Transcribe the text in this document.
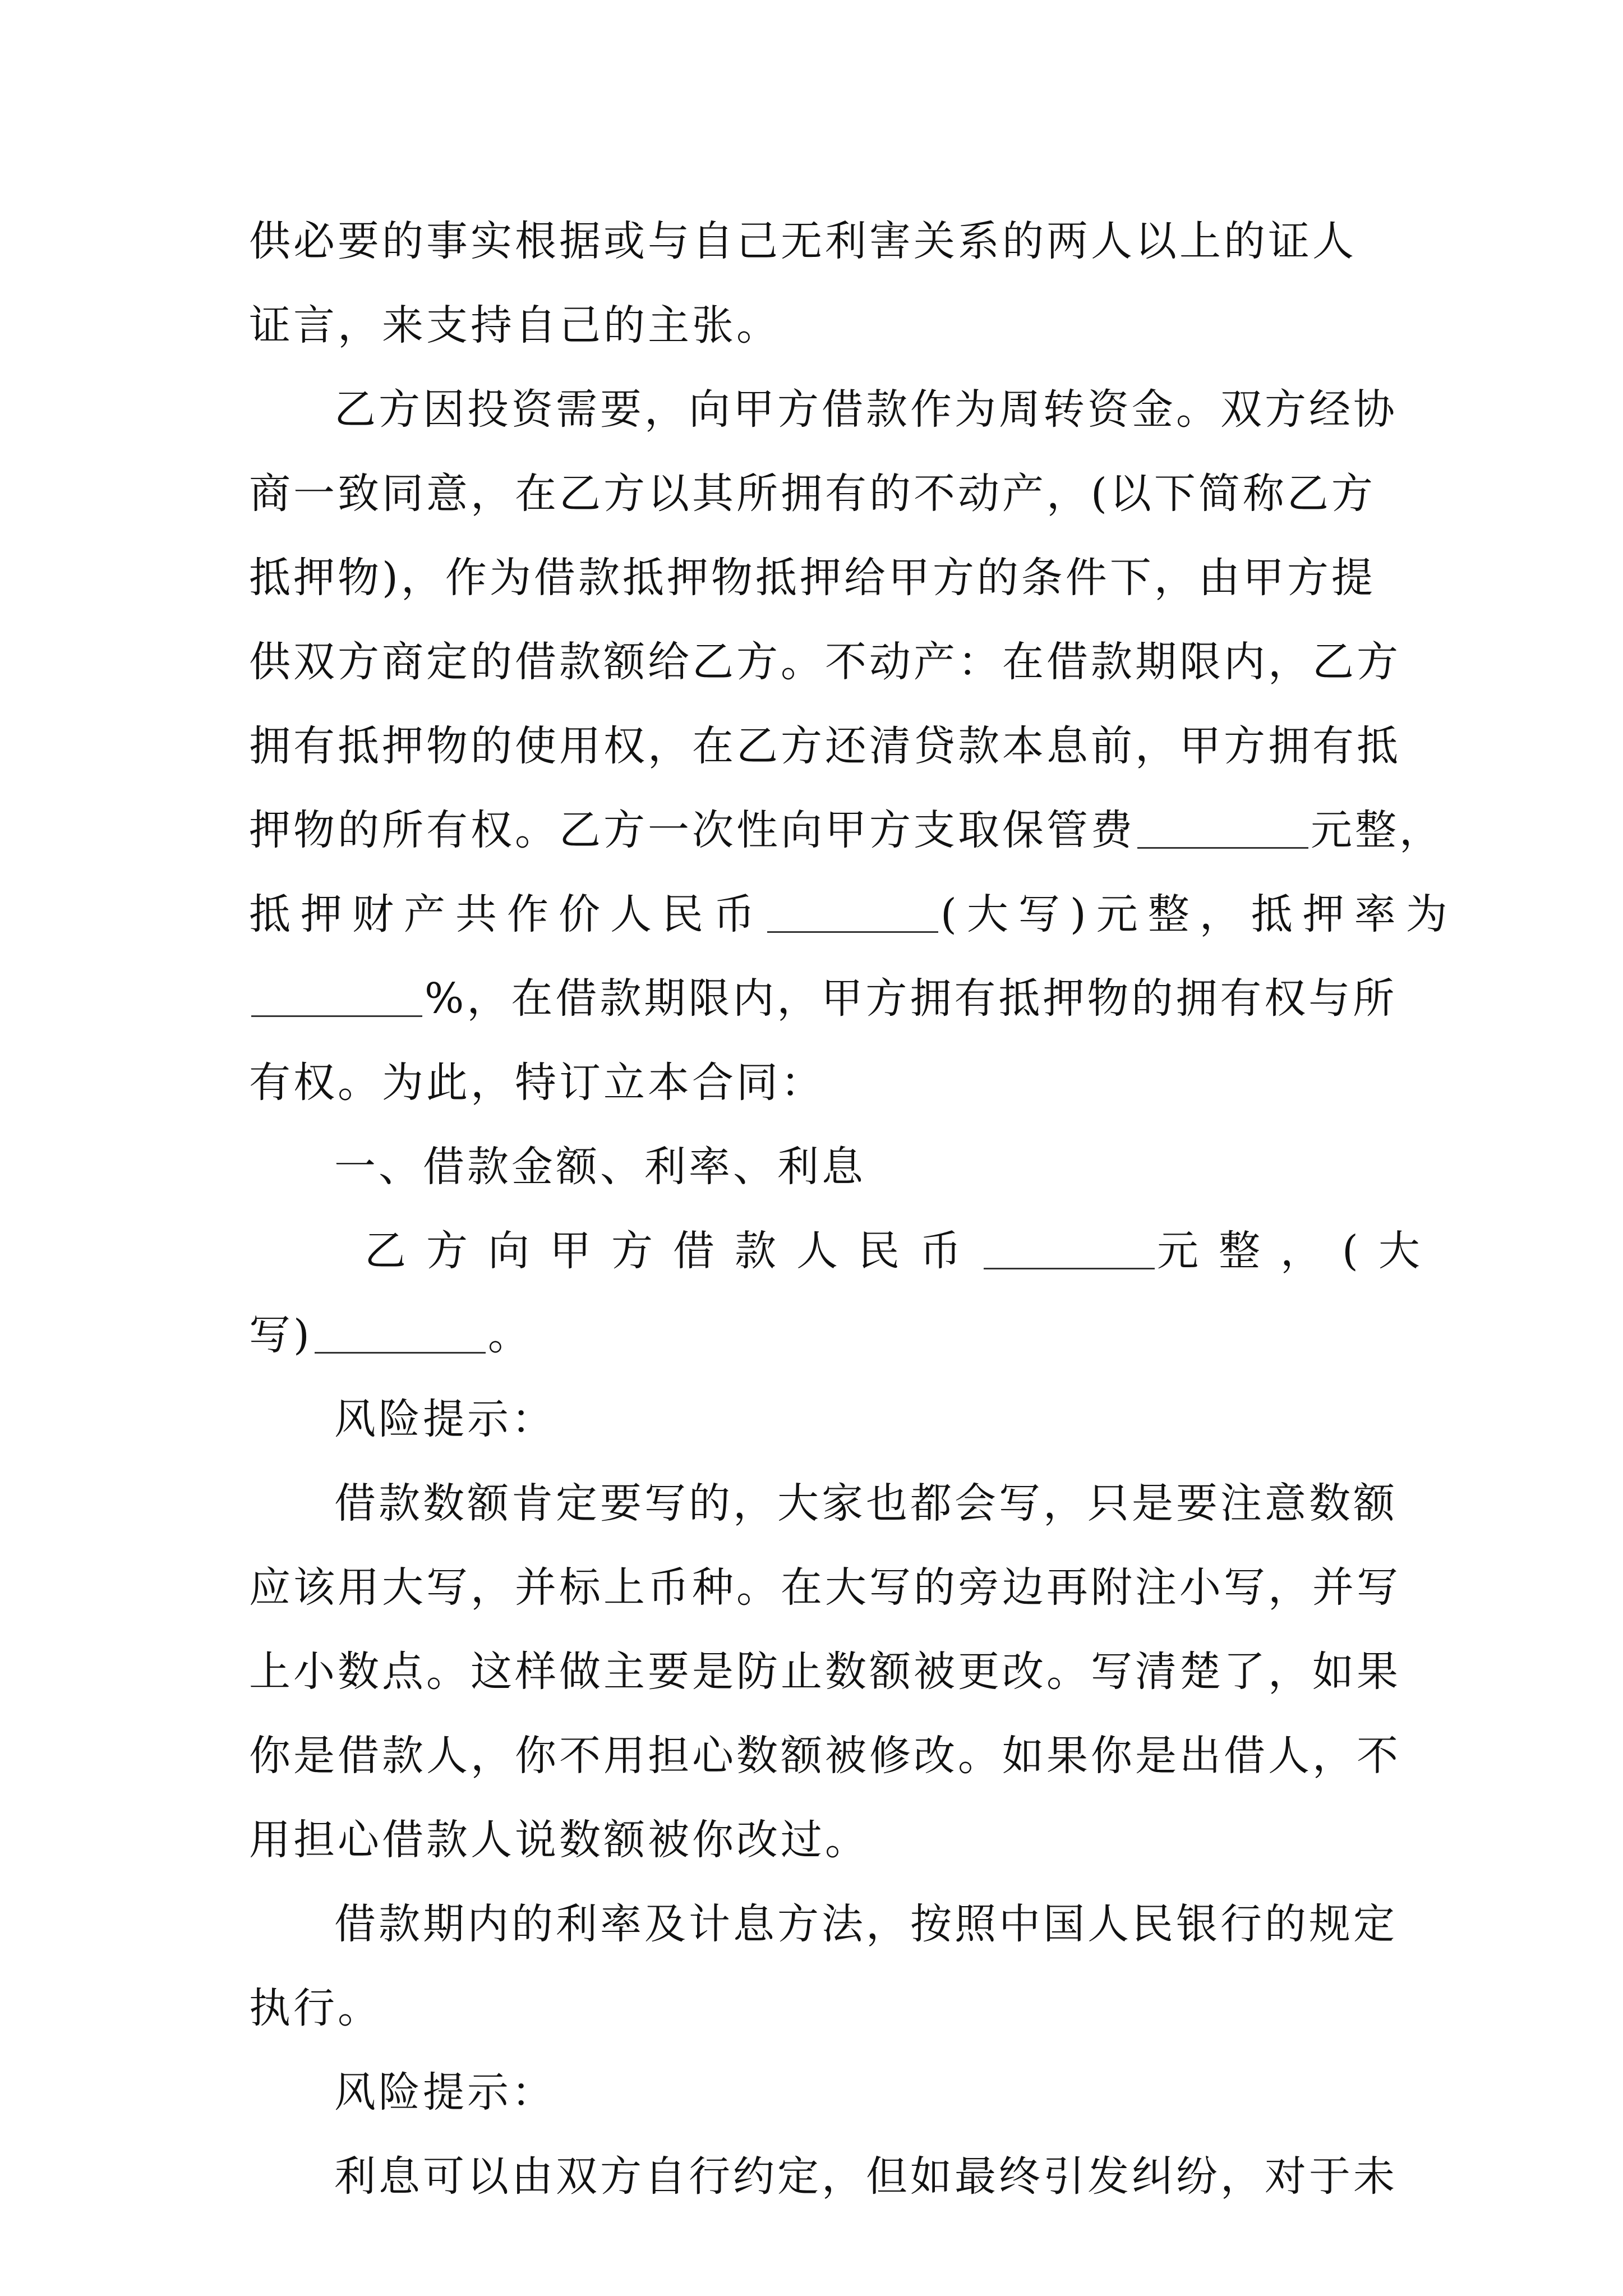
供必要的事实根据或与自己无利害关系的两人以上的证人
证言，来支持自己的主张。
乙方因投资需要，向甲方借款作为周转资金。双方经协
商一致同意，在乙方以其所拥有的不动产，(以下简称乙方
抵押物)，作为借款抵押物抵押给甲方的条件下，由甲方提
供双方商定的借款额给乙方。不动产：在借款期限内，乙方
拥有抵押物的使用权，在乙方还清贷款本息前，甲方拥有抵
押物的所有权。乙方一次性向甲方支取保管费	元整，
抵押财产共作价人民币	(大写)元整，抵押率为
%，在借款期限内，甲方拥有抵押物的拥有权与所
有权。为此，特订立本合同：
一、借款金额、利率、利息
乙方向甲方借款人民币	元整，(大
写)	。
风险提示：
借款数额肯定要写的，大家也都会写，只是要注意数额
应该用大写，并标上币种。在大写的旁边再附注小写，并写
上小数点。这样做主要是防止数额被更改。写清楚了，如果
你是借款人，你不用担心数额被修改。如果你是出借人，不
用担心借款人说数额被你改过。
借款期内的利率及计息方法，按照中国人民银行的规定
执行。
风险提示：
利息可以由双方自行约定，但如最终引发纠纷，对于未
